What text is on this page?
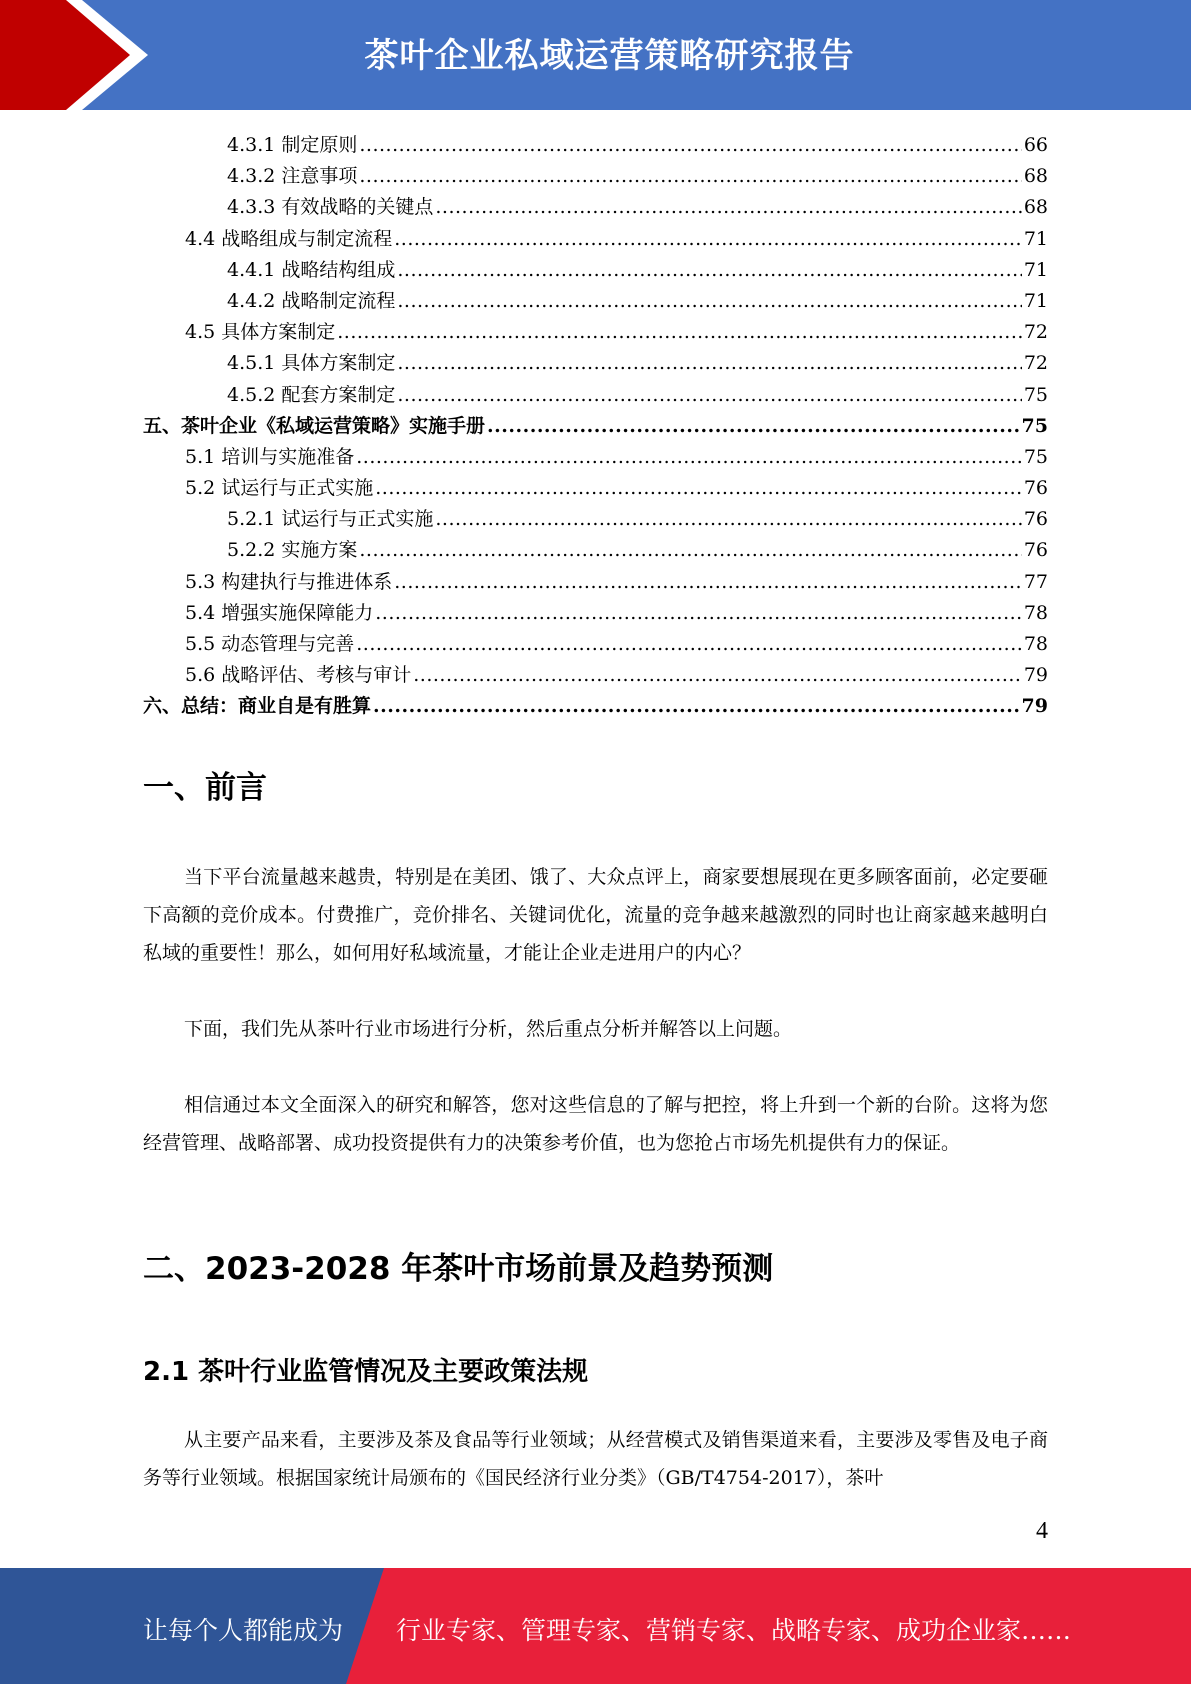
茶叶企业私域运营策略研究报告
4.3.1 制定原则 .....	66
4.3.2 注意事项 .....	68
4.3.3 有效战略的关键点 .....	68
4.4 战略组成与制定流程 .....	71
4.4.1 战略结构组成 .....	71
4.4.2 战略制定流程 .....	71
4.5 具体方案制定 .....	72
4.5.1 具体方案制定 .....	72
4.5.2 配套方案制定 .....	75
五、茶叶企业《私域运营策略》实施手册 .....	75
5.1 培训与实施准备 .....	75
5.2 试运行与正式实施 .....	76
5.2.1 试运行与正式实施 .....	76
5.2.2 实施方案 .....	76
5.3 构建执行与推进体系 .....	77
5.4 增强实施保障能力 .....	78
5.5 动态管理与完善 .....	78
5.6 战略评估、考核与审计 .....	79
六、总结：商业自是有胜算 .....	79
一、前言

当下平台流量越来越贵，特别是在美团、饿了、大众点评上，商家要想展现在更多顾客面前，必定要砸下高额的竞价成本。付费推广，竞价排名、关键词优化，流量的竞争越来越激烈的同时也让商家越来越明白私域的重要性！那么，如何用好私域流量，才能让企业走进用户的内心？

下面，我们先从茶叶行业市场进行分析，然后重点分析并解答以上问题。

相信通过本文全面深入的研究和解答，您对这些信息的了解与把控，将上升到一个新的台阶。这将为您经营管理、战略部署、成功投资提供有力的决策参考价值，也为您抢占市场先机提供有力的保证。

二、2023-2028 年茶叶市场前景及趋势预测
2.1 茶叶行业监管情况及主要政策法规

从主要产品来看，主要涉及茶及食品等行业领域；从经营模式及销售渠道来看，主要涉及零售及电子商务等行业领域。根据国家统计局颁布的《国民经济行业分类》（GB/T4754-2017），茶叶

4
让每个人都能成为 行业专家、管理专家、营销专家、战略专家、成功企业家……
